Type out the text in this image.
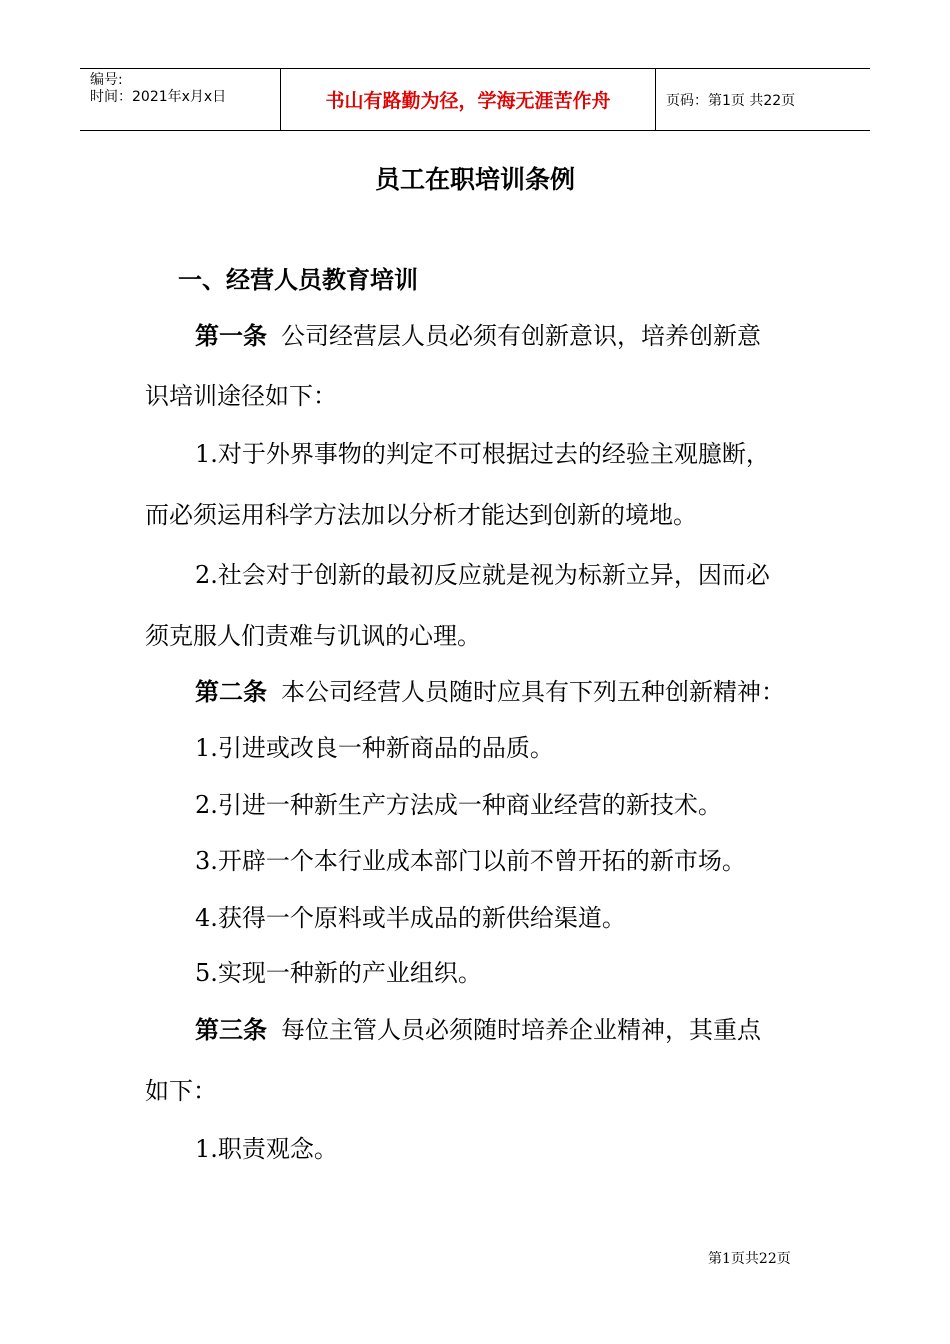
编号:
时间：2021年x月x日	书山有路勤为径，学海无涯苦作舟	页码：第1页 共22页
员工在职培训条例
一、经营人员教育培训
第一条 公司经营层人员必须有创新意识，培养创新意
识培训途径如下：
1.对于外界事物的判定不可根据过去的经验主观臆断，
而必须运用科学方法加以分析才能达到创新的境地。
2.社会对于创新的最初反应就是视为标新立异，因而必
须克服人们责难与讥讽的心理。
第二条 本公司经营人员随时应具有下列五种创新精神：
1.引进或改良一种新商品的品质。
2.引进一种新生产方法成一种商业经营的新技术。
3.开辟一个本行业成本部门以前不曾开拓的新市场。
4.获得一个原料或半成品的新供给渠道。
5.实现一种新的产业组织。
第三条 每位主管人员必须随时培养企业精神，其重点
如下：
1.职责观念。
第1页共22页
